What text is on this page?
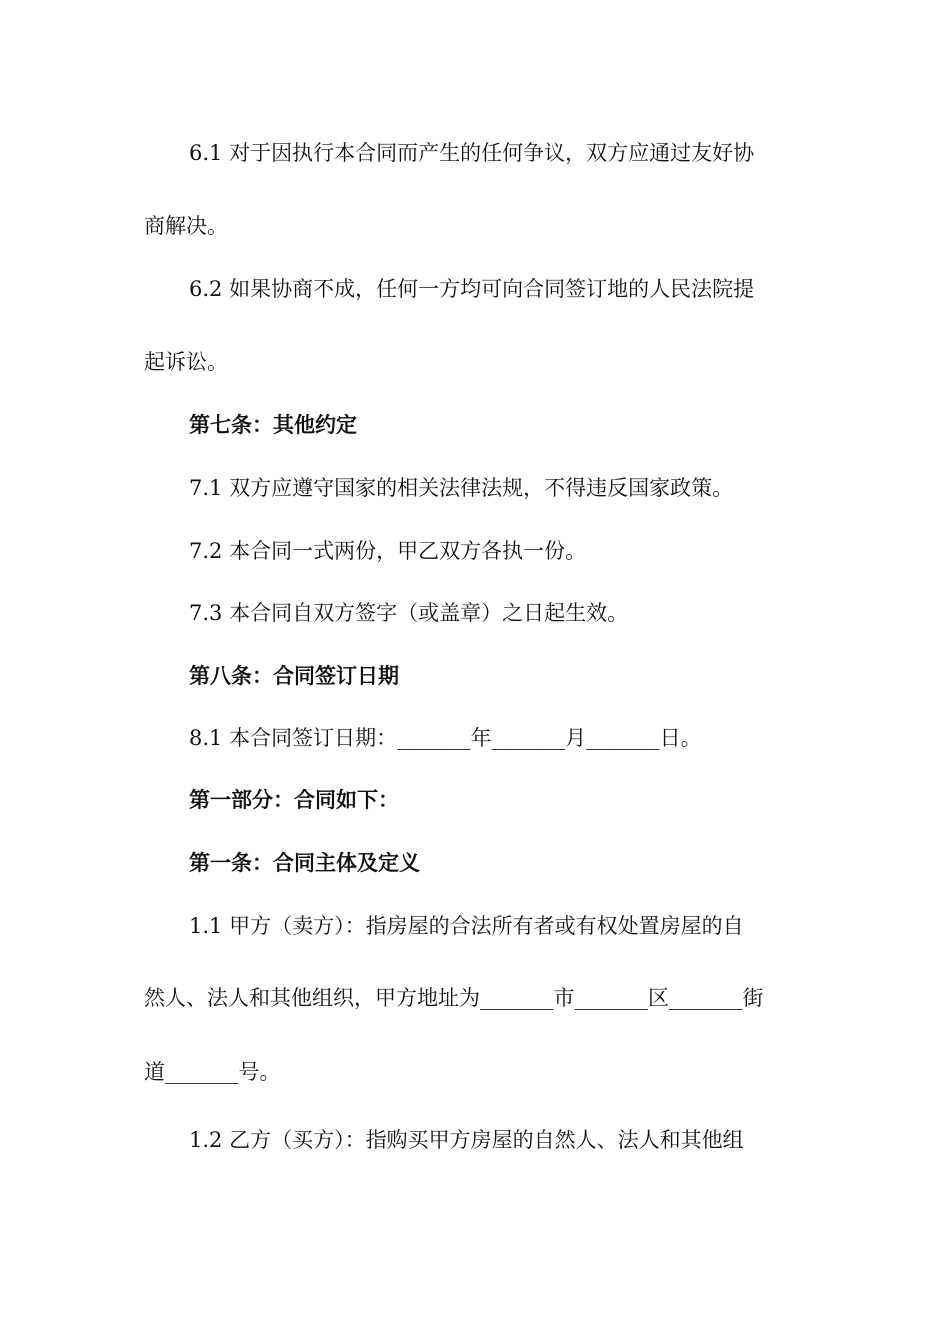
6.1 对于因执行本合同而产生的任何争议，双方应通过友好协
商解决。
6.2 如果协商不成，任何一方均可向合同签订地的人民法院提
起诉讼。
第七条：其他约定
7.1 双方应遵守国家的相关法律法规，不得违反国家政策。
7.2 本合同一式两份，甲乙双方各执一份。
7.3 本合同自双方签字（或盖章）之日起生效。
第八条：合同签订日期
8.1 本合同签订日期：_______年_______月_______日。
第一部分：合同如下：
第一条：合同主体及定义
1.1 甲方（卖方）：指房屋的合法所有者或有权处置房屋的自
然人、法人和其他组织，甲方地址为_______市_______区_______街
道_______号。
1.2 乙方（买方）：指购买甲方房屋的自然人、法人和其他组
